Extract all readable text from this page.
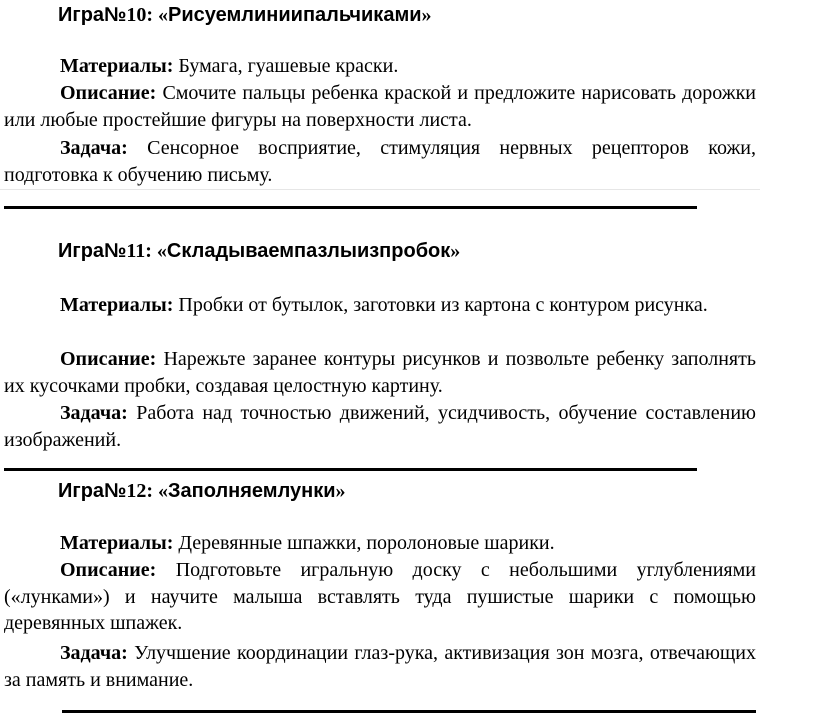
Игра№10: «Рисуемлиниипальчиками»
Материалы: Бумага, гуашевые краски.
Описание: Смочите пальцы ребенка краской и предложите нарисовать дорожки или любые простейшие фигуры на поверхности листа.
Задача: Сенсорное восприятие, стимуляция нервных рецепторов кожи, подготовка к обучению письму.
Игра№11: «Складываемпазлыизпробок»
Материалы: Пробки от бутылок, заготовки из картона с контуром рисунка.
Описание: Нарежьте заранее контуры рисунков и позвольте ребенку заполнять их кусочками пробки, создавая целостную картину.
Задача: Работа над точностью движений, усидчивость, обучение составлению изображений.
Игра№12: «Заполняемлунки»
Материалы: Деревянные шпажки, поролоновые шарики.
Описание: Подготовьте игральную доску с небольшими углублениями («лунками») и научите малыша вставлять туда пушистые шарики с помощью деревянных шпажек.
Задача: Улучшение координации глаз-рука, активизация зон мозга, отвечающих за память и внимание.
